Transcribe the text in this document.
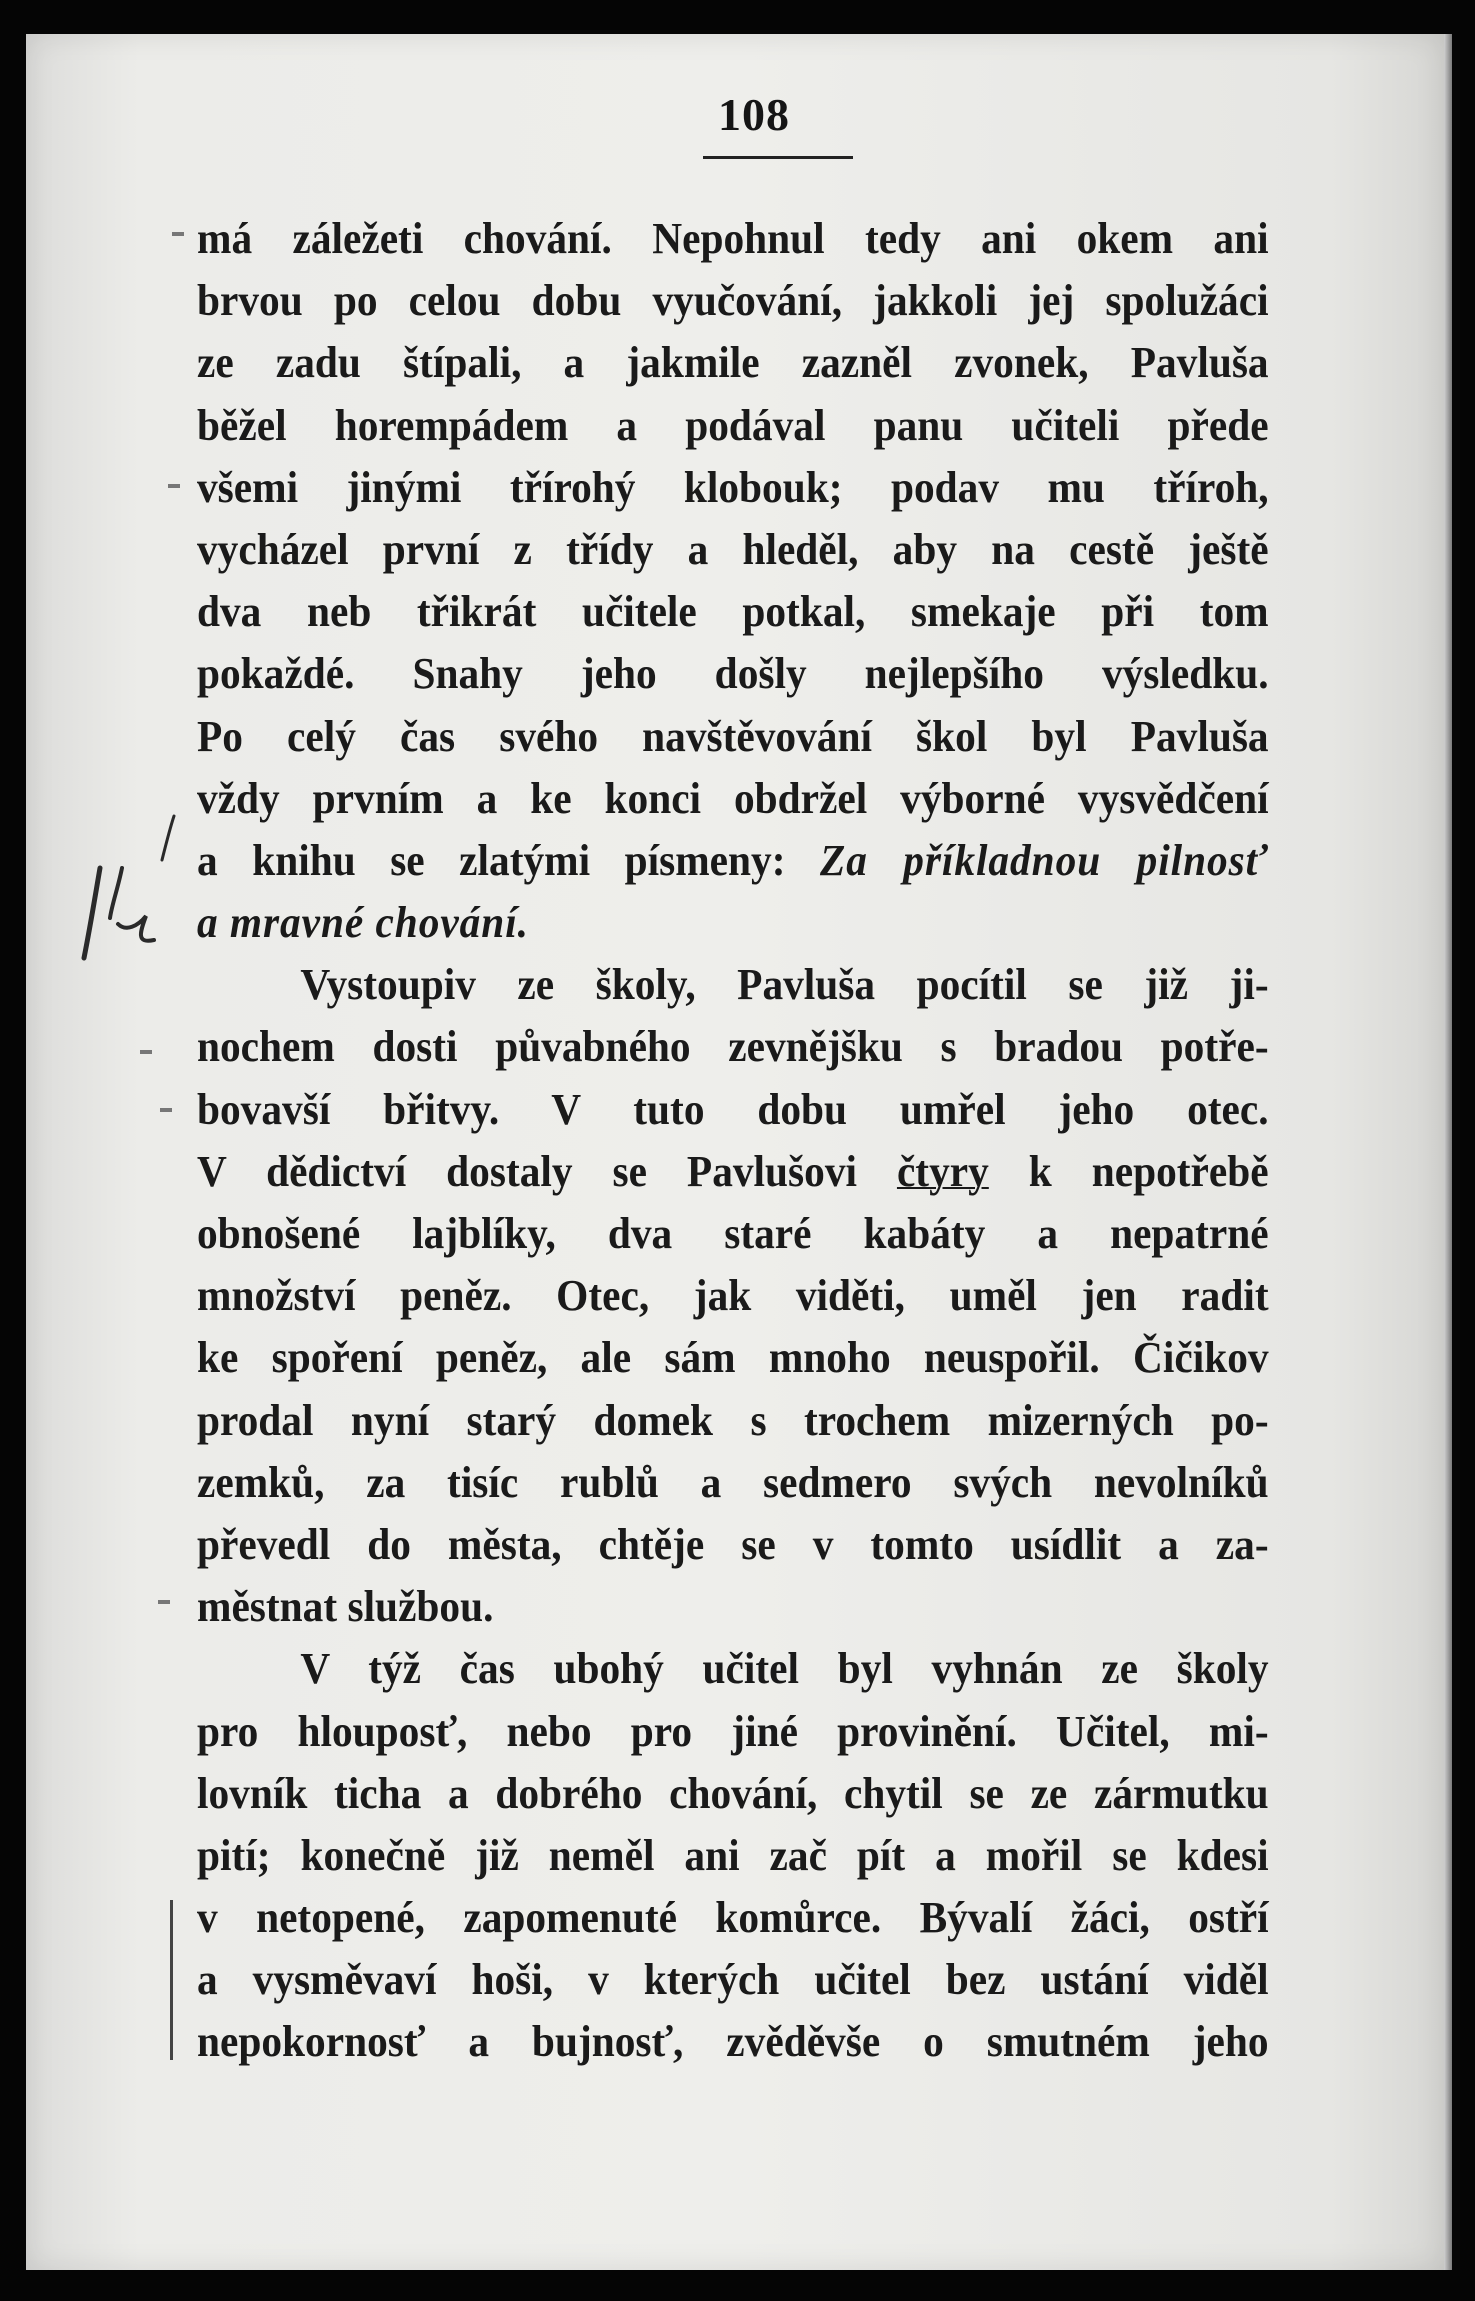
108
má záležeti chování. Nepohnul tedy ani okem ani
brvou po celou dobu vyučování, jakkoli jej spolužáci
ze zadu štípali, a jakmile zazněl zvonek, Pavluša
běžel horempádem a podával panu učiteli přede
všemi jinými třírohý klobouk; podav mu tříroh,
vycházel první z třídy a hleděl, aby na cestě ještě
dva neb třikrát učitele potkal, smekaje při tom
pokaždé. Snahy jeho došly nejlepšího výsledku.
Po celý čas svého navštěvování škol byl Pavluša
vždy prvním a ke konci obdržel výborné vysvědčení
a knihu se zlatými písmeny: Za příkladnou pilnosť
a mravné chování.
Vystoupiv ze školy, Pavluša pocítil se již ji-
nochem dosti půvabného zevnějšku s bradou potře-
bovavší břitvy. V tuto dobu umřel jeho otec.
V dědictví dostaly se Pavlušovi čtyry k nepotřebě
obnošené lajblíky, dva staré kabáty a nepatrné
množství peněz. Otec, jak viděti, uměl jen radit
ke spoření peněz, ale sám mnoho neuspořil. Čičikov
prodal nyní starý domek s trochem mizerných po-
zemků, za tisíc rublů a sedmero svých nevolníků
převedl do města, chtěje se v tomto usídlit a za-
městnat službou.
V týž čas ubohý učitel byl vyhnán ze školy
pro hlouposť, nebo pro jiné provinění. Učitel, mi-
lovník ticha a dobrého chování, chytil se ze zármutku
pití; konečně již neměl ani zač pít a mořil se kdesi
v netopené, zapomenuté komůrce. Bývalí žáci, ostří
a vysměvaví hoši, v kterých učitel bez ustání viděl
nepokornosť a bujnosť, zvěděvše o smutném jeho
